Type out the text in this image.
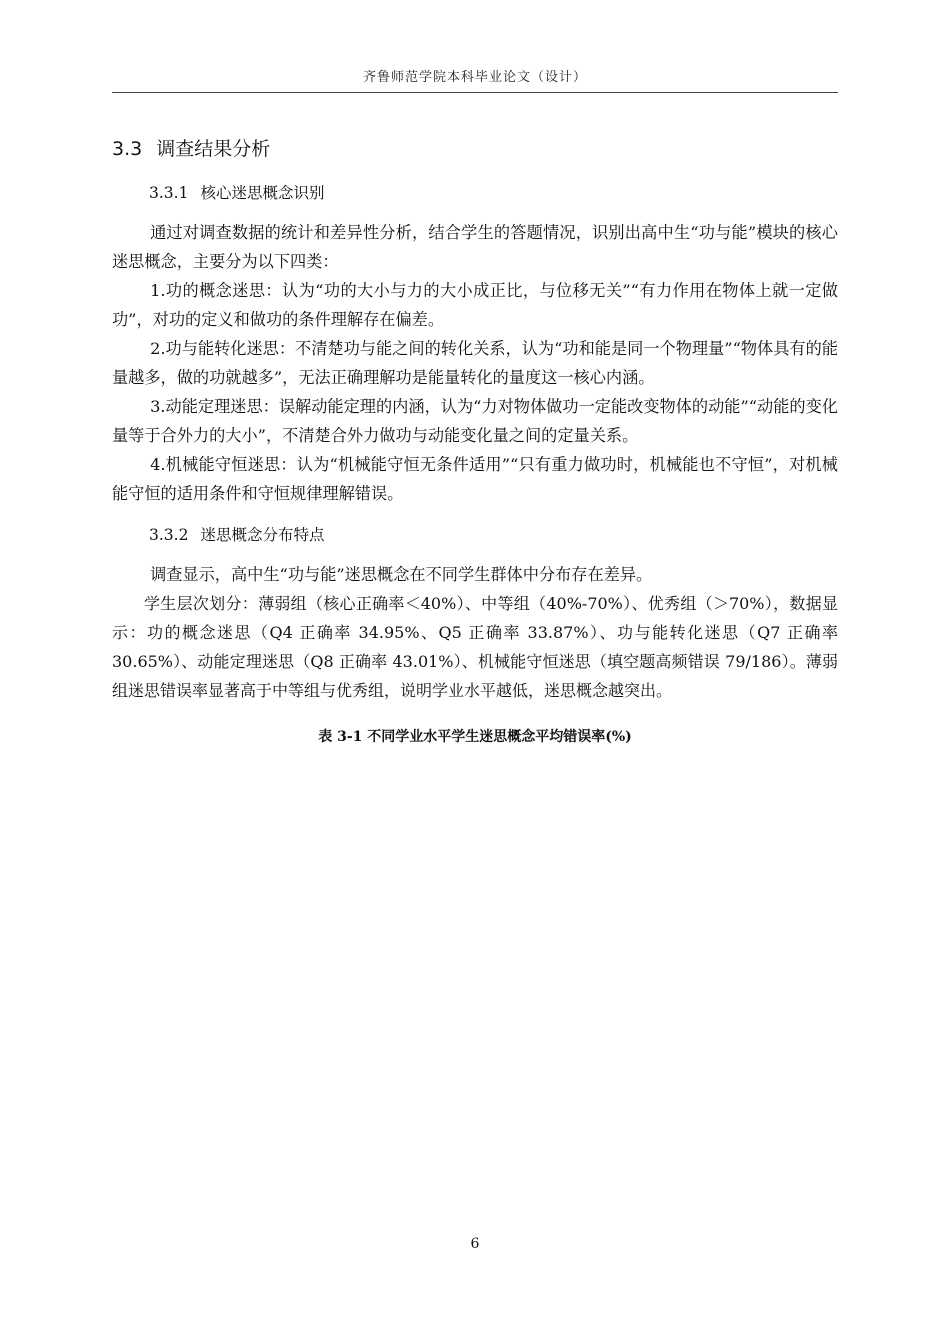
齐鲁师范学院本科毕业论文（设计）
3.3 调查结果分析
3.3.1 核心迷思概念识别

通过对调查数据的统计和差异性分析，结合学生的答题情况，识别出高中生“功与能”模块的核心迷思概念，主要分为以下四类：

1.功的概念迷思：认为“功的大小与力的大小成正比，与位移无关”“有力作用在物体上就一定做功”，对功的定义和做功的条件理解存在偏差。

2.功与能转化迷思：不清楚功与能之间的转化关系，认为“功和能是同一个物理量”“物体具有的能量越多，做的功就越多”，无法正确理解功是能量转化的量度这一核心内涵。

3.动能定理迷思：误解动能定理的内涵，认为“力对物体做功一定能改变物体的动能”“动能的变化量等于合外力的大小”，不清楚合外力做功与动能变化量之间的定量关系。

4.机械能守恒迷思：认为“机械能守恒无条件适用”“只有重力做功时，机械能也不守恒”，对机械能守恒的适用条件和守恒规律理解错误。

3.3.2 迷思概念分布特点

调查显示，高中生“功与能”迷思概念在不同学生群体中分布存在差异。

学生层次划分：薄弱组（核心正确率＜40%）、中等组（40%-70%）、优秀组（＞70%），数据显示：功的概念迷思（Q4 正确率 34.95%、Q5 正确率 33.87%）、功与能转化迷思（Q7 正确率 30.65%）、动能定理迷思（Q8 正确率 43.01%）、机械能守恒迷思（填空题高频错误 79/186）。薄弱组迷思错误率显著高于中等组与优秀组，说明学业水平越低，迷思概念越突出。

表 3-1 不同学业水平学生迷思概念平均错误率(%)
6
